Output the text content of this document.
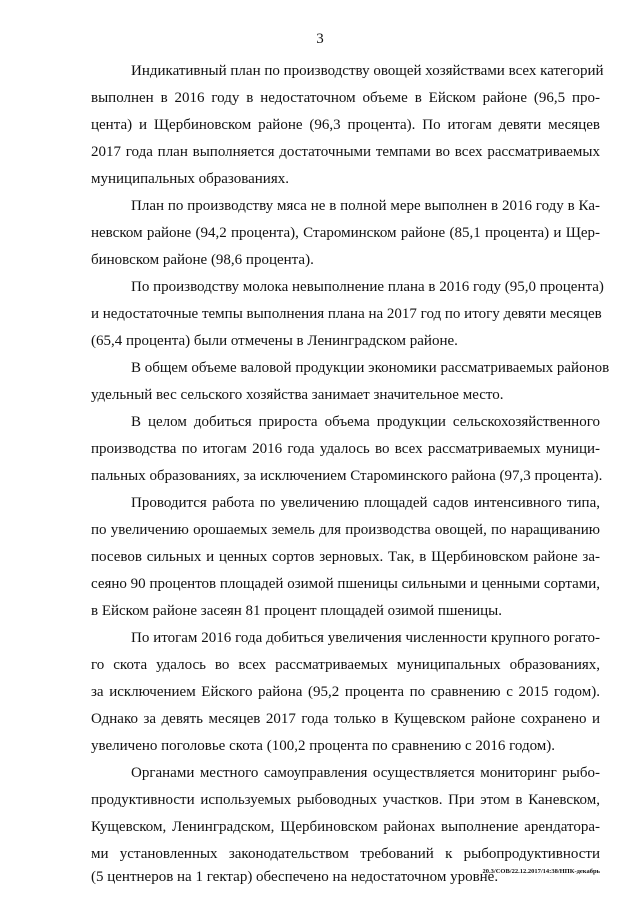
3

Индикативный план по производству овощей хозяйствами всех категорий

выполнен в 2016 году в недостаточном объеме в Ейском районе (96,5 про-

цента) и Щербиновском районе (96,3 процента). По итогам девяти месяцев

2017 года план выполняется достаточными темпами во всех рассматриваемых

муниципальных образованиях.

План по производству мяса не в полной мере выполнен в 2016 году в Ка-

невском районе (94,2 процента), Староминском районе (85,1 процента) и Щер-

биновском районе (98,6 процента).

По производству молока невыполнение плана в 2016 году (95,0 процента)

и недостаточные темпы выполнения плана на 2017 год по итогу девяти месяцев

(65,4 процента) были отмечены в Ленинградском районе.

В общем объеме валовой продукции экономики рассматриваемых районов

удельный вес сельского хозяйства занимает значительное место.

В целом добиться прироста объема продукции сельскохозяйственного

производства по итогам 2016 года удалось во всех рассматриваемых муници-

пальных образованиях, за исключением Староминского района (97,3 процента).

Проводится работа по увеличению площадей садов интенсивного типа,

по увеличению орошаемых земель для производства овощей, по наращиванию

посевов сильных и ценных сортов зерновых. Так, в Щербиновском районе за-

сеяно 90 процентов площадей озимой пшеницы сильными и ценными сортами,

в Ейском районе засеян 81 процент площадей озимой пшеницы.

По итогам 2016 года добиться увеличения численности крупного рогато-

го скота удалось во всех рассматриваемых муниципальных образованиях,

за исключением Ейского района (95,2 процента по сравнению с 2015 годом).

Однако за девять месяцев 2017 года только в Кущевском районе сохранено и

увеличено поголовье скота (100,2 процента по сравнению с 2016 годом).

Органами местного самоуправления осуществляется мониторинг рыбо-

продуктивности используемых рыбоводных участков. При этом в Каневском,

Кущевском, Ленинградском, Щербиновском районах выполнение арендатора-

ми установленных законодательством требований к рыбопродуктивности

(5 центнеров на 1 гектар) обеспечено на недостаточном уровне.

20.3/СОВ/22.12.2017/14:38/НПК-декабрь
